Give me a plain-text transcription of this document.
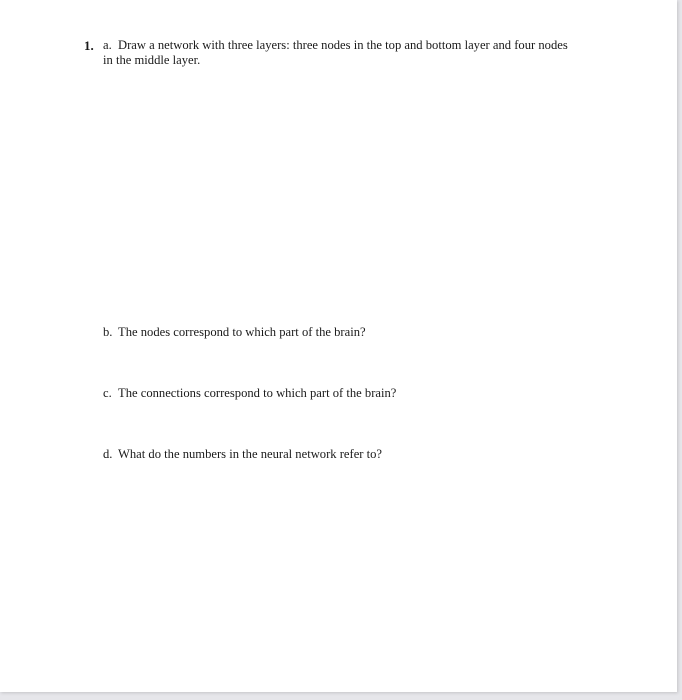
1. a. Draw a network with three layers: three nodes in the top and bottom layer and four nodes
in the middle layer.
b. The nodes correspond to which part of the brain?
c. The connections correspond to which part of the brain?
d. What do the numbers in the neural network refer to?
